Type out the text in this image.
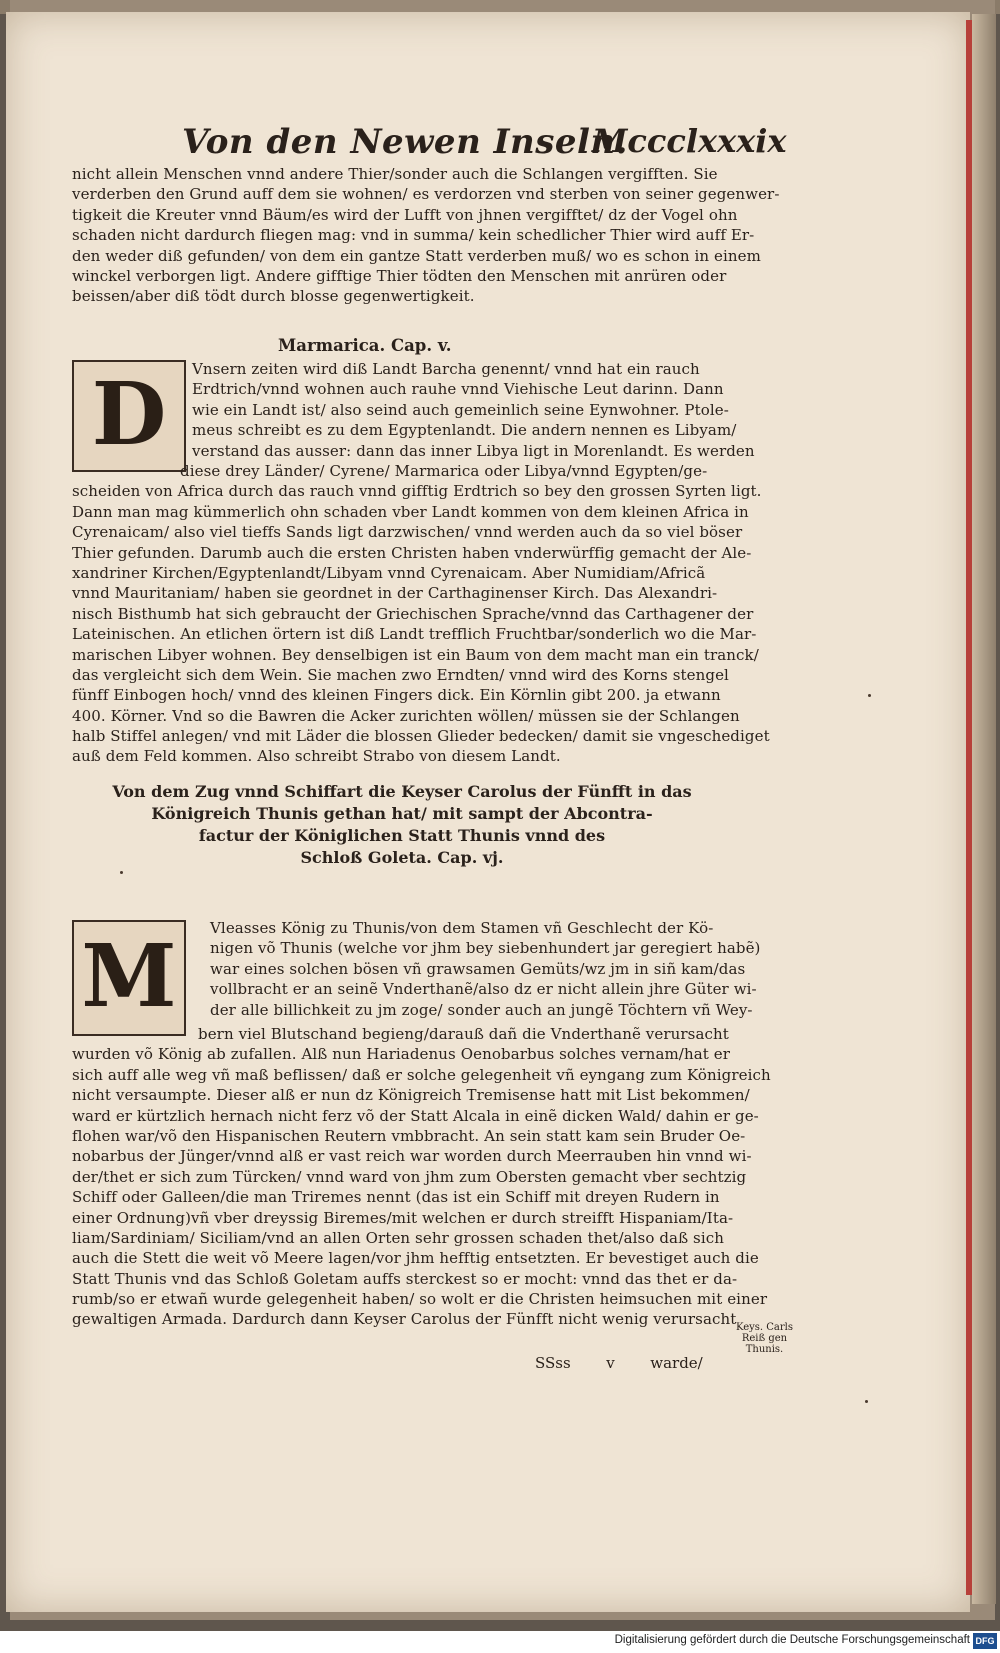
Von den Newen Inseln.
Mccclxxxix
nicht allein Menschen vnnd andere Thier/sonder auch die Schlangen vergifften. Sie
verderben den Grund auff dem sie wohnen/ es verdorzen vnd sterben von seiner gegenwer-
tigkeit die Kreuter vnnd Bäum/es wird der Lufft von jhnen vergifftet/ dz der Vogel ohn
schaden nicht dardurch fliegen mag: vnd in summa/ kein schedlicher Thier wird auff Er-
den weder diß gefunden/ von dem ein gantze Statt verderben muß/ wo es schon in einem
winckel verborgen ligt. Andere gifftige Thier tödten den Menschen mit anrüren oder
beissen/aber diß tödt durch blosse gegenwertigkeit.
Marmarica. Cap. v.
D	Vnsern zeiten wird diß Landt Barcha genennt/ vnnd hat ein rauch
Erdtrich/vnnd wohnen auch rauhe vnnd Viehische Leut darinn. Dann
wie ein Landt ist/ also seind auch gemeinlich seine Eynwohner. Ptole-
meus schreibt es zu dem Egyptenlandt. Die andern nennen es Libyam/
verstand das ausser: dann das inner Libya ligt in Morenlandt. Es werden
diese drey Länder/ Cyrene/ Marmarica oder Libya/vnnd Egypten/ge-
scheiden von Africa durch das rauch vnnd gifftig Erdtrich so bey den grossen Syrten ligt.
Dann man mag kümmerlich ohn schaden vber Landt kommen von dem kleinen Africa in
Cyrenaicam/ also viel tieffs Sands ligt darzwischen/ vnnd werden auch da so viel böser
Thier gefunden. Darumb auch die ersten Christen haben vnderwürffig gemacht der Ale-
xandriner Kirchen/Egyptenlandt/Libyam vnnd Cyrenaicam. Aber Numidiam/Africã
vnnd Mauritaniam/ haben sie geordnet in der Carthaginenser Kirch. Das Alexandri-
nisch Bisthumb hat sich gebraucht der Griechischen Sprache/vnnd das Carthagener der
Lateinischen. An etlichen örtern ist diß Landt trefflich Fruchtbar/sonderlich wo die Mar-
marischen Libyer wohnen. Bey denselbigen ist ein Baum von dem macht man ein tranck/
das vergleicht sich dem Wein. Sie machen zwo Erndten/ vnnd wird des Korns stengel
fünff Einbogen hoch/ vnnd des kleinen Fingers dick. Ein Körnlin gibt 200. ja etwann
400. Körner. Vnd so die Bawren die Acker zurichten wöllen/ müssen sie der Schlangen
halb Stiffel anlegen/ vnd mit Läder die blossen Glieder bedecken/ damit sie vngeschediget
auß dem Feld kommen. Also schreibt Strabo von diesem Landt.
Von dem Zug vnnd Schiffart die Keyser Carolus der Fünfft in das
Königreich Thunis gethan hat/ mit sampt der Abcontra-
factur der Königlichen Statt Thunis vnnd des
Schloß Goleta. Cap. vj.
M	Vleasses König zu Thunis/von dem Stamen vñ Geschlecht der Kö-
nigen võ Thunis (welche vor jhm bey siebenhundert jar geregiert habẽ)
war eines solchen bösen vñ grawsamen Gemüts/wz jm in siñ kam/das
vollbracht er an seinẽ Vnderthanẽ/also dz er nicht allein jhre Güter wi-
der alle billichkeit zu jm zoge/ sonder auch an jungẽ Töchtern vñ Wey-
bern viel Blutschand begieng/darauß dañ die Vnderthanẽ verursacht
wurden võ König ab zufallen. Alß nun Hariadenus Oenobarbus solches vernam/hat er
sich auff alle weg vñ maß beflissen/ daß er solche gelegenheit vñ eyngang zum Königreich
nicht versaumpte. Dieser alß er nun dz Königreich Tremisense hatt mit List bekommen/
ward er kürtzlich hernach nicht ferz võ der Statt Alcala in einẽ dicken Wald/ dahin er ge-
flohen war/võ den Hispanischen Reutern vmbbracht. An sein statt kam sein Bruder Oe-
nobarbus der Jünger/vnnd alß er vast reich war worden durch Meerrauben hin vnnd wi-
der/thet er sich zum Türcken/ vnnd ward von jhm zum Obersten gemacht vber sechtzig
Schiff oder Galleen/die man Triremes nennt (das ist ein Schiff mit dreyen Rudern in
einer Ordnung)vñ vber dreyssig Biremes/mit welchen er durch streifft Hispaniam/Ita-
liam/Sardiniam/ Siciliam/vnd an allen Orten sehr grossen schaden thet/also daß sich
auch die Stett die weit võ Meere lagen/vor jhm hefftig entsetzten. Er bevestiget auch die
Statt Thunis vnd das Schloß Goletam auffs sterckest so er mocht: vnnd das thet er da-
rumb/so er etwañ wurde gelegenheit haben/ so wolt er die Christen heimsuchen mit einer
gewaltigen Armada. Dardurch dann Keyser Carolus der Fünfft nicht wenig verursacht Keys. Carls
Reiß gen
Thunis.
SSss v warde/
Digitalisierung gefördert durch die Deutsche Forschungsgemeinschaft DFG
